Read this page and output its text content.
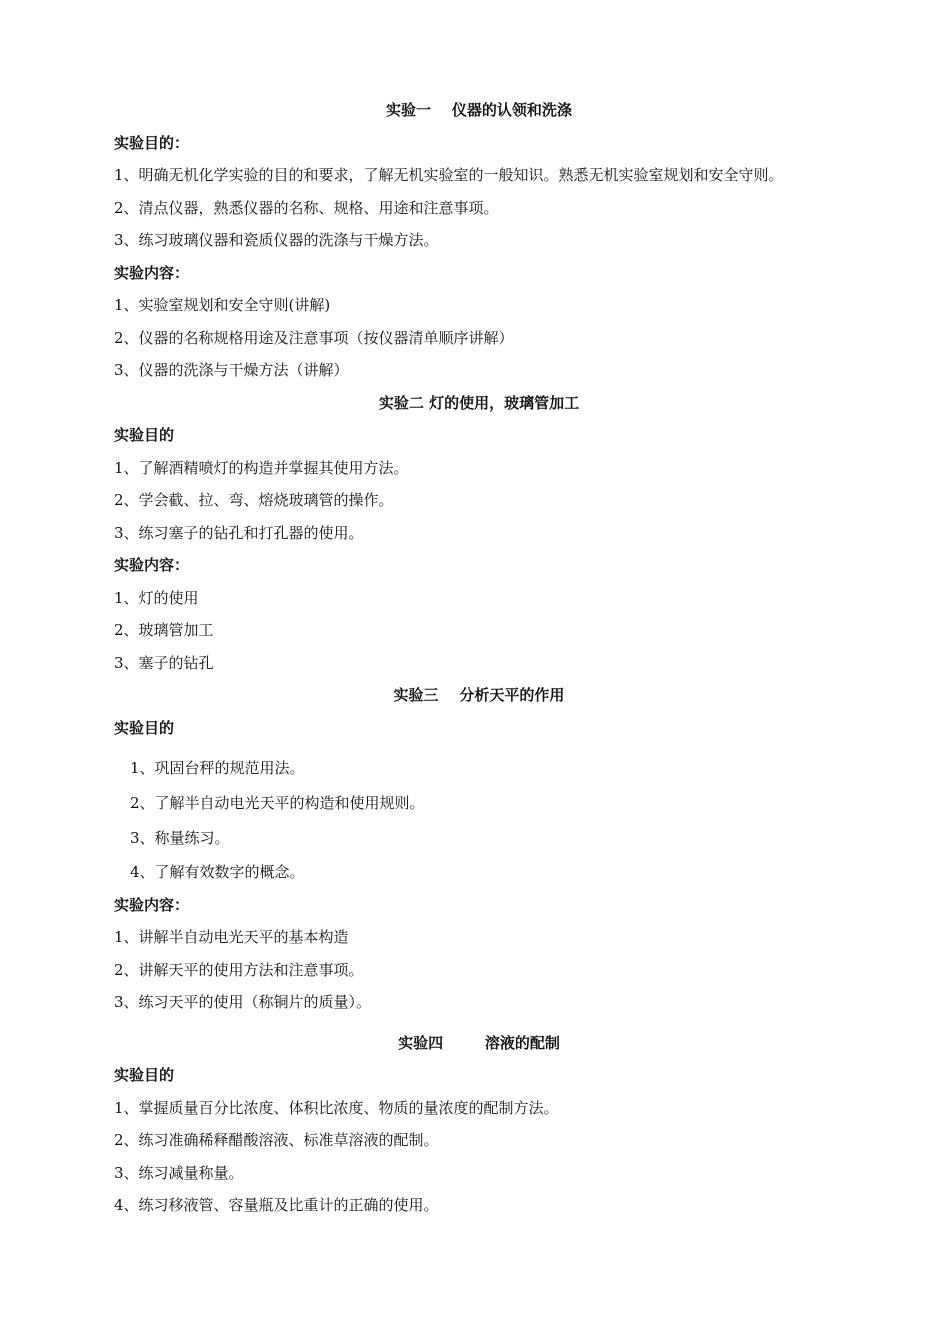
实验一    仪器的认领和洗涤
实验目的：
1、明确无机化学实验的目的和要求，了解无机实验室的一般知识。熟悉无机实验室规划和安全守则。
2、清点仪器，熟悉仪器的名称、规格、用途和注意事项。
3、练习玻璃仪器和瓷质仪器的洗涤与干燥方法。
实验内容：
1、实验室规划和安全守则(讲解)
2、仪器的名称规格用途及注意事项（按仪器清单顺序讲解）
3、仪器的洗涤与干燥方法（讲解）
实验二 灯的使用，玻璃管加工
实验目的
1、了解酒精喷灯的构造并掌握其使用方法。
2、学会截、拉、弯、熔烧玻璃管的操作。
3、练习塞子的钻孔和打孔器的使用。
实验内容：
1、灯的使用
2、玻璃管加工
3、塞子的钻孔
实验三    分析天平的作用
实验目的
1、巩固台秤的规范用法。
2、了解半自动电光天平的构造和使用规则。
3、称量练习。
4、了解有效数字的概念。
实验内容：
1、讲解半自动电光天平的基本构造
2、讲解天平的使用方法和注意事项。
3、练习天平的使用（称铜片的质量）。
实验四        溶液的配制
实验目的
1、掌握质量百分比浓度、体积比浓度、物质的量浓度的配制方法。
2、练习准确稀释醋酸溶液、标准草溶液的配制。
3、练习减量称量。
4、练习移液管、容量瓶及比重计的正确的使用。
